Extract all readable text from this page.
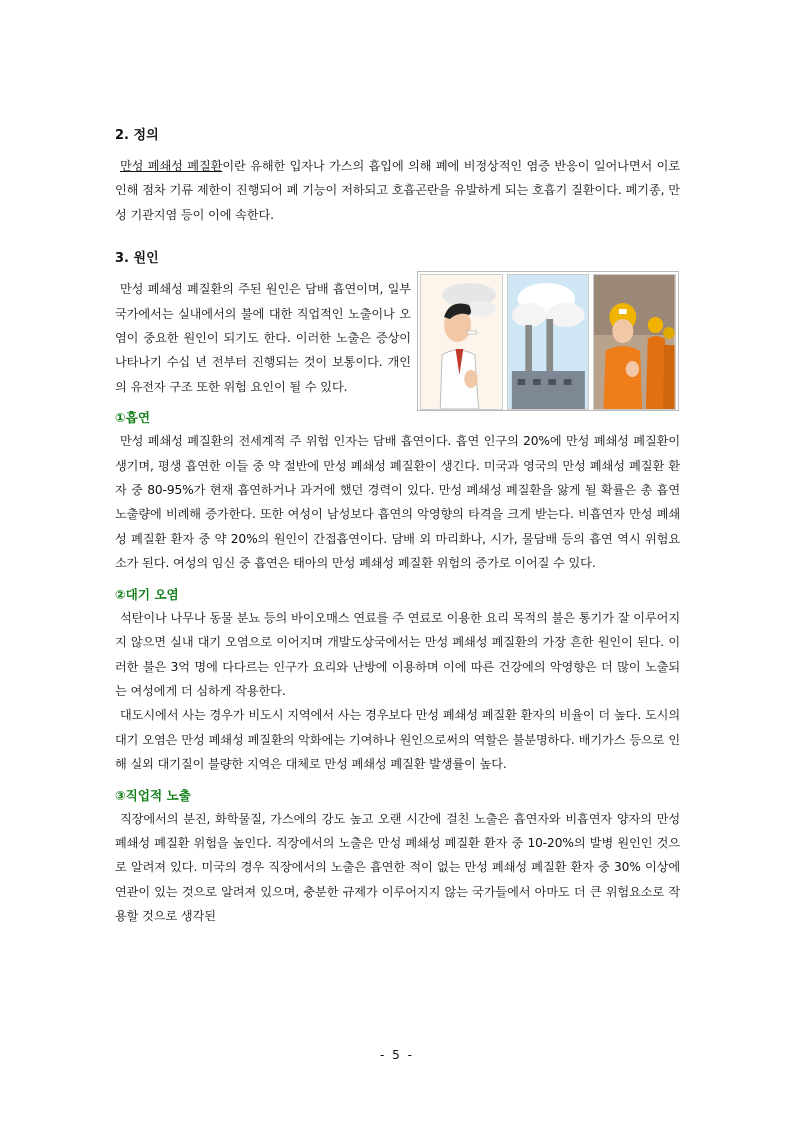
2. 정의

만성 폐쇄성 폐질환이란 유해한 입자나 가스의 흡입에 의해 폐에 비정상적인 염증 반응이 일어나면서 이로 인해 점차 기류 제한이 진행되어 폐 기능이 저하되고 호흡곤란을 유발하게 되는 호흡기 질환이다. 폐기종, 만성 기관지염 등이 이에 속한다.

3. 원인

만성 폐쇄성 폐질환의 주된 원인은 담배 흡연이며, 일부 국가에서는 실내에서의 불에 대한 직업적인 노출이나 오염이 중요한 원인이 되기도 한다. 이러한 노출은 증상이 나타나기 수십 년 전부터 진행되는 것이 보통이다. 개인의 유전자 구조 또한 위험 요인이 될 수 있다.

①흡연

만성 폐쇄성 폐질환의 전세계적 주 위험 인자는 담배 흡연이다. 흡연 인구의 20%에 만성 폐쇄성 폐질환이 생기며, 평생 흡연한 이들 중 약 절반에 만성 폐쇄성 폐질환이 생긴다. 미국과 영국의 만성 폐쇄성 폐질환 환자 중 80-95%가 현재 흡연하거나 과거에 했던 경력이 있다. 만성 폐쇄성 폐질환을 앓게 될 확률은 총 흡연 노출량에 비례해 증가한다. 또한 여성이 남성보다 흡연의 악영향의 타격을 크게 받는다. 비흡연자 만성 폐쇄성 폐질환 환자 중 약 20%의 원인이 간접흡연이다. 담배 외 마리화나, 시가, 물담배 등의 흡연 역시 위험요소가 된다. 여성의 임신 중 흡연은 태아의 만성 폐쇄성 폐질환 위험의 증가로 이어질 수 있다.

②대기 오염

석탄이나 나무나 동물 분뇨 등의 바이오매스 연료를 주 연료로 이용한 요리 목적의 불은 통기가 잘 이루어지지 않으면 실내 대기 오염으로 이어지며 개발도상국에서는 만성 폐쇄성 폐질환의 가장 흔한 원인이 된다. 이러한 불은 3억 명에 다다르는 인구가 요리와 난방에 이용하며 이에 따른 건강에의 악영향은 더 많이 노출되는 여성에게 더 심하게 작용한다.

대도시에서 사는 경우가 비도시 지역에서 사는 경우보다 만성 폐쇄성 폐질환 환자의 비율이 더 높다. 도시의 대기 오염은 만성 폐쇄성 폐질환의 악화에는 기여하나 원인으로써의 역할은 불분명하다. 배기가스 등으로 인해 실외 대기질이 불량한 지역은 대체로 만성 폐쇄성 폐질환 발생률이 높다.

③직업적 노출

직장에서의 분진, 화학물질, 가스에의 강도 높고 오랜 시간에 걸친 노출은 흡연자와 비흡연자 양자의 만성 폐쇄성 폐질환 위험을 높인다. 직장에서의 노출은 만성 폐쇄성 폐질환 환자 중 10-20%의 발병 원인인 것으로 알려져 있다. 미국의 경우 직장에서의 노출은 흡연한 적이 없는 만성 폐쇄성 폐질환 환자 중 30% 이상에 연관이 있는 것으로 알려져 있으며, 충분한 규제가 이루어지지 않는 국가들에서 아마도 더 큰 위험요소로 작용할 것으로 생각된

- 5 -
